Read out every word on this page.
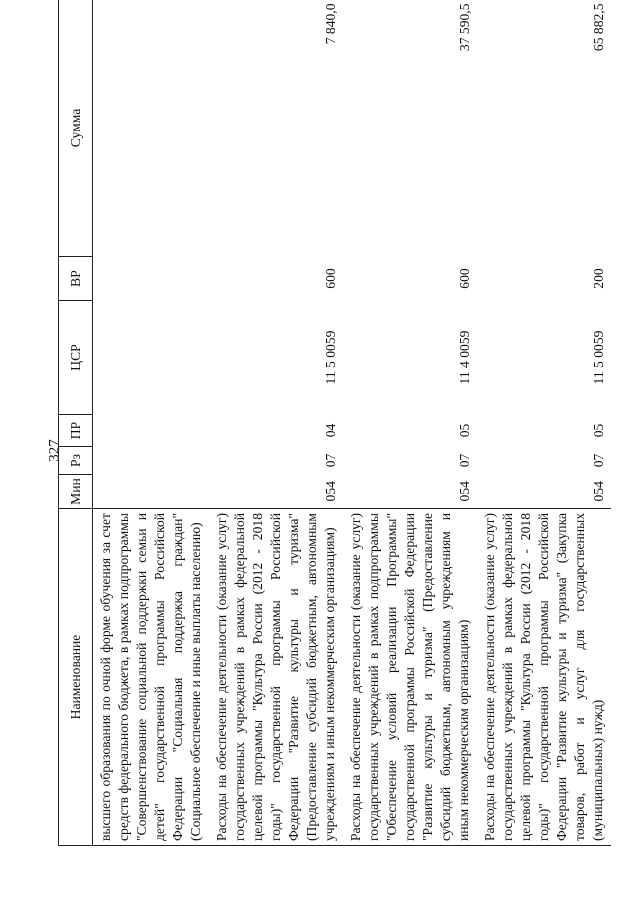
327
Наименование	Мин	Рз	ПР	ЦСР	ВР	Сумма
высшего образования по очной форме обучения за счет средств федерального бюджета, в рамках подпрограммы "Совершенствование социальной поддержки семьи и детей" государственной программы Российской Федерации "Социальная поддержка граждан" (Социальное обеспечение и иные выплаты населению)						
Расходы на обеспечение деятельности (оказание услуг) государственных учреждений в рамках федеральной целевой программы "Культура России (2012 - 2018 годы)" государственной программы Российской Федерации "Развитие культуры и туризма" (Предоставление субсидий бюджетным, автономным учреждениям и иным некоммерческим организациям)	054	07	04	11 5 0059	600	7 840,0
Расходы на обеспечение деятельности (оказание услуг) государственных учреждений в рамках подпрограммы "Обеспечение условий реализации Программы" государственной программы Российской Федерации "Развитие культуры и туризма" (Предоставление субсидий бюджетным, автономным учреждениям и иным некоммерческим организациям)	054	07	05	11 4 0059	600	37 590,5
Расходы на обеспечение деятельности (оказание услуг) государственных учреждений в рамках федеральной целевой программы "Культура России (2012 - 2018 годы)" государственной программы Российской Федерации "Развитие культуры и туризма" (Закупка товаров, работ и услуг для государственных (муниципальных) нужд)	054	07	05	11 5 0059	200	65 882,5
